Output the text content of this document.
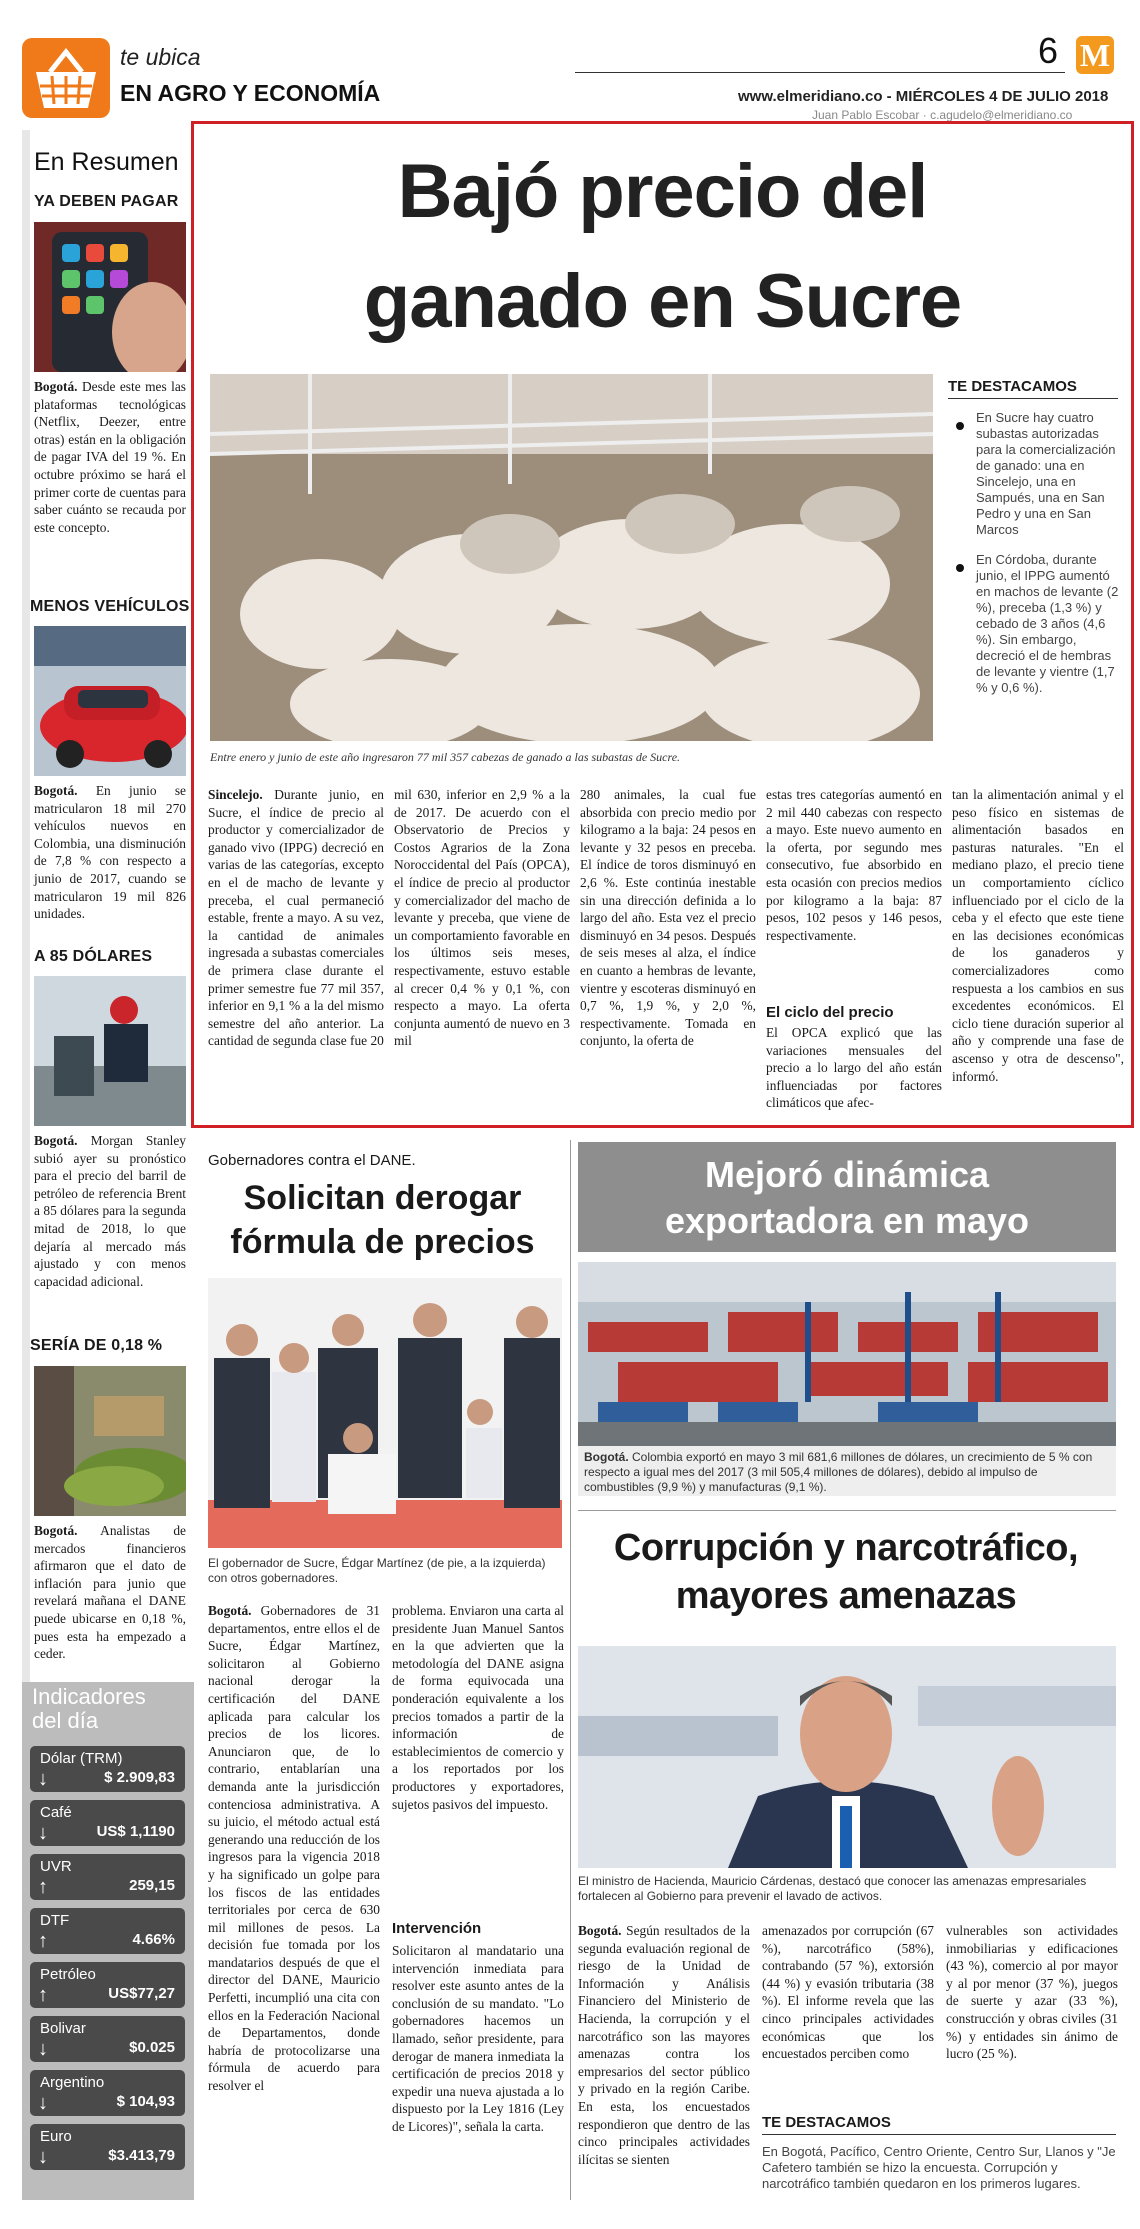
te ubica
EN AGRO Y ECONOMÍA
6 M
www.elmeridiano.co - MIÉRCOLES 4 DE JULIO 2018
Juan Pablo Escobar · c.agudelo@elmeridiano.co
En Resumen
YA DEBEN PAGAR

Bogotá. Desde este mes las plataformas tecnológicas (Netflix, Deezer, entre otras) están en la obligación de pagar IVA del 19 %. En octubre próximo se hará el primer corte de cuentas para saber cuánto se recauda por este concepto.

MENOS VEHÍCULOS

Bogotá. En junio se matricularon 18 mil 270 vehículos nuevos en Colombia, una disminución de 7,8 % con respecto a junio de 2017, cuando se matricularon 19 mil 826 unidades.

A 85 DÓLARES

Bogotá. Morgan Stanley subió ayer su pronóstico para el precio del barril de petróleo de referencia Brent a 85 dólares para la segunda mitad de 2018, lo que dejaría al mercado más ajustado y con menos capacidad adicional.

SERÍA DE 0,18 %

Bogotá. Analistas de mercados financieros afirmaron que el dato de inflación para junio que revelará mañana el DANE puede ubicarse en 0,18 %, pues esta ha empezado a ceder.

Indicadores
del día
Dólar (TRM)
↓	$ 2.909,83
Café
↓	US$ 1,1190
UVR
↑	259,15
DTF
↑	4.66%
Petróleo
↑	US$77,27
Bolivar
↓	$0.025
Argentino
↓	$ 104,93
Euro
↓	$3.413,79
Bajó precio del
ganado en Sucre
Entre enero y junio de este año ingresaron 77 mil 357 cabezas de ganado a las subastas de Sucre.
TE DESTACAMOS
En Sucre hay cuatro subastas autorizadas para la comercialización de ganado: una en Sincelejo, una en Sampués, una en San Pedro y una en San Marcos
En Córdoba, durante junio, el IPPG aumentó en machos de levante (2 %), preceba (1,3 %) y cebado de 3 años (4,6 %). Sin embargo, decreció el de hembras de levante y vientre (1,7 % y 0,6 %).

Sincelejo. Durante junio, en Sucre, el índice de precio al productor y comercializador de ganado vivo (IPPG) decreció en varias de las categorías, excepto en el de macho de levante y preceba, el cual permaneció estable, frente a mayo. A su vez, la cantidad de animales ingresada a subastas comerciales de primera clase durante el primer semestre fue 77 mil 357, inferior en 9,1 % a la del mismo semestre del año anterior. La cantidad de segunda clase fue 20

mil 630, inferior en 2,9 % a la de 2017. De acuerdo con el Observatorio de Precios y Costos Agrarios de la Zona Noroccidental del País (OPCA), el índice de precio al productor y comercializador del macho de levante y preceba, que viene de un comportamiento favorable en los últimos seis meses, respectivamente, estuvo estable al crecer 0,4 % y 0,1 %, con respecto a mayo. La oferta conjunta aumentó de nuevo en 3 mil

280 animales, la cual fue absorbida con precio medio por kilogramo a la baja: 24 pesos en levante y 32 pesos en preceba. El índice de toros disminuyó en 2,6 %. Este continúa inestable sin una dirección definida a lo largo del año. Esta vez el precio disminuyó en 34 pesos. Después de seis meses al alza, el índice en cuanto a hembras de levante, vientre y escoteras disminuyó en 0,7 %, 1,9 %, y 2,0 %, respectivamente. Tomada en conjunto, la oferta de

estas tres categorías aumentó en 2 mil 440 cabezas con respecto a mayo. Este nuevo aumento en la oferta, por segundo mes consecutivo, fue absorbido en esta ocasión con precios medios por kilogramo a la baja: 87 pesos, 102 pesos y 146 pesos, respectivamente.

El ciclo del precio

El OPCA explicó que las variaciones mensuales del precio a lo largo del año están influenciadas por factores climáticos que afec-

tan la alimentación animal y el peso físico en sistemas de alimentación basados en pasturas naturales. "En el mediano plazo, el precio tiene un comportamiento cíclico influenciado por el ciclo de la ceba y el efecto que este tiene en las decisiones económicas de los ganaderos y comercializadores como respuesta a los cambios en sus excedentes económicos. El ciclo tiene duración superior al año y comprende una fase de ascenso y otra de descenso", informó.

Gobernadores contra el DANE.
Solicitan derogar
fórmula de precios
El gobernador de Sucre, Édgar Martínez (de pie, a la izquierda) con otros gobernadores.

Bogotá. Gobernadores de 31 departamentos, entre ellos el de Sucre, Édgar Martínez, solicitaron al Gobierno nacional derogar la certificación del DANE aplicada para calcular los precios de los licores. Anunciaron que, de lo contrario, entablarían una demanda ante la jurisdicción contenciosa administrativa. A su juicio, el método actual está generando una reducción de los ingresos para la vigencia 2018 y ha significado un golpe para los fiscos de las entidades territoriales por cerca de 630 mil millones de pesos. La decisión fue tomada por los mandatarios después de que el director del DANE, Mauricio Perfetti, incumplió una cita con ellos en la Federación Nacional de Departamentos, donde habría de protocolizarse una fórmula de acuerdo para resolver el

problema. Enviaron una carta al presidente Juan Manuel Santos en la que advierten que la metodología del DANE asigna de forma equivocada una ponderación equivalente a los precios tomados a partir de la información de establecimientos de comercio y a los reportados por los productores y exportadores, sujetos pasivos del impuesto.

Intervención

Solicitaron al mandatario una intervención inmediata para resolver este asunto antes de la conclusión de su mandato. "Lo gobernadores hacemos un llamado, señor presidente, para derogar de manera inmediata la certificación de precios 2018 y expedir una nueva ajustada a lo dispuesto por la Ley 1816 (Ley de Licores)", señala la carta.

Mejoró dinámica
exportadora en mayo

Bogotá. Colombia exportó en mayo 3 mil 681,6 millones de dólares, un crecimiento de 5 % con respecto a igual mes del 2017 (3 mil 505,4 millones de dólares), debido al impulso de combustibles (9,9 %) y manufacturas (9,1 %).

Corrupción y narcotráfico,
mayores amenazas
El ministro de Hacienda, Mauricio Cárdenas, destacó que conocer las amenazas empresariales fortalecen al Gobierno para prevenir el lavado de activos.

Bogotá. Según resultados de la segunda evaluación regional de riesgo de la Unidad de Información y Análisis Financiero del Ministerio de Hacienda, la corrupción y el narcotráfico son las mayores amenazas contra los empresarios del sector público y privado en la región Caribe. En esta, los encuestados respondieron que dentro de las cinco principales actividades ilícitas se sienten

amenazados por corrupción (67 %), narcotráfico (58%), contrabando (57 %), extorsión (44 %) y evasión tributaria (38 %). El informe revela que las cinco principales actividades económicas que los encuestados perciben como

vulnerables son actividades inmobiliarias y edificaciones (43 %), comercio al por mayor y al por menor (37 %), juegos de suerte y azar (33 %), construcción y obras civiles (31 %) y entidades sin ánimo de lucro (25 %).

TE DESTACAMOS
En Bogotá, Pacífico, Centro Oriente, Centro Sur, Llanos y "Je Cafetero también se hizo la encuesta. Corrupción y narcotráfico también quedaron en los primeros lugares.
